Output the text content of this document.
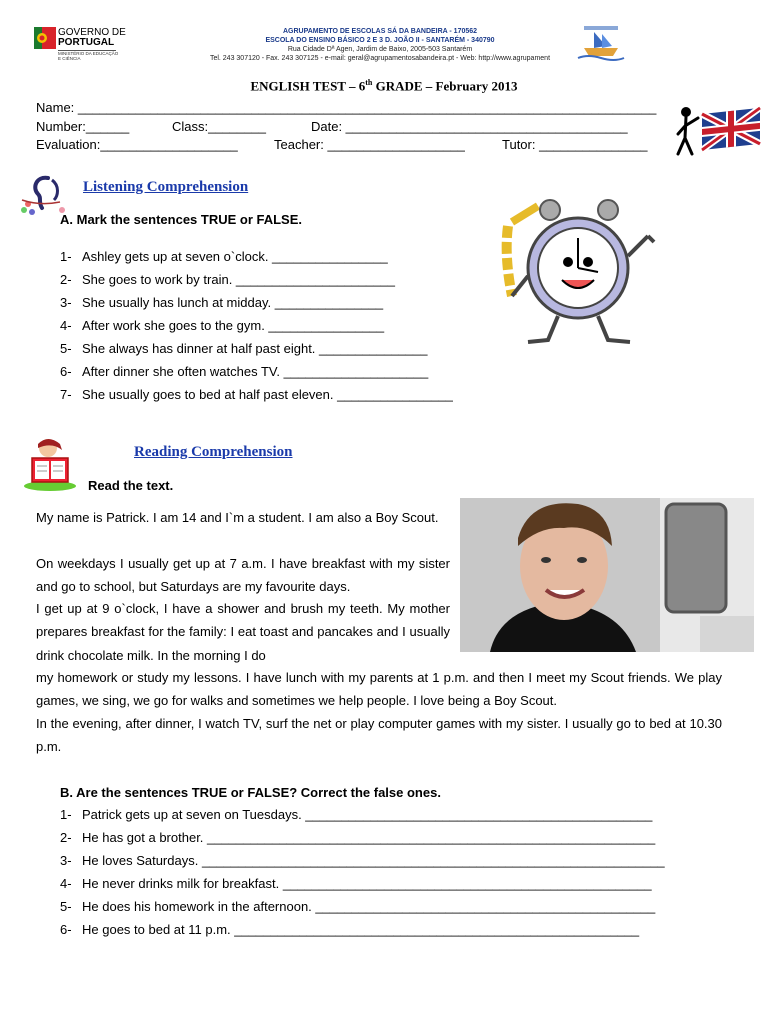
GOVERNO DE
PORTUGAL
MINISTÉRIO DA EDUCAÇÃO
E CIÊNCIA
AGRUPAMENTO DE ESCOLAS SÁ DA BANDEIRA - 170562
ESCOLA DO ENSINO BÁSICO 2 E 3 D. JOÃO II - SANTARÉM - 340790
Rua Cidade Dª Agen, Jardim de Baixo, 2005-503 Santarém
Tel. 243 307120 - Fax. 243 307125 - e-mail: geral@agrupamentosabandeira.pt - Web: http://www.agrupament
ENGLISH TEST – 6th GRADE – February 2013
Name: ________________________________________________________________________________
Number:______	Class:________	Date: _______________________________________
Evaluation:___________________	Teacher: ___________________	Tutor: _______________
Listening Comprehension
A. Mark the sentences TRUE or FALSE.
1- Ashley gets up at seven o`clock. ________________
2- She goes to work by train. ______________________
3- She usually has lunch at midday. _______________
4- After work she goes to the gym. ________________
5- She always has dinner at half past eight. _______________
6- After dinner she often watches TV. ____________________
7- She usually goes to bed at half past eleven. ________________
Reading Comprehension
Read the text.
My name is Patrick. I am 14 and I`m a student. I am also a Boy Scout.
On weekdays I usually get up at 7 a.m. I have breakfast with my sister and go to school, but Saturdays are my favourite days.
I get up at 9 o`clock, I have a shower and brush my teeth. My mother prepares breakfast for the family: I eat toast and pancakes and I usually drink chocolate milk. In the morning I do
my homework or study my lessons. I have lunch with my parents at 1 p.m. and then I meet my Scout friends. We play games, we sing, we go for walks and sometimes we help people. I love being a Boy Scout.
In the evening, after dinner, I watch TV, surf the net or play computer games with my sister. I usually go to bed at 10.30 p.m.
B. Are the sentences TRUE or FALSE? Correct the false ones.
1- Patrick gets up at seven on Tuesdays. ________________________________________________
2- He has got a brother. ______________________________________________________________
3- He loves Saturdays. ________________________________________________________________
4- He never drinks milk for breakfast. ___________________________________________________
5- He does his homework in the afternoon. _______________________________________________
6- He goes to bed at 11 p.m. ________________________________________________________
